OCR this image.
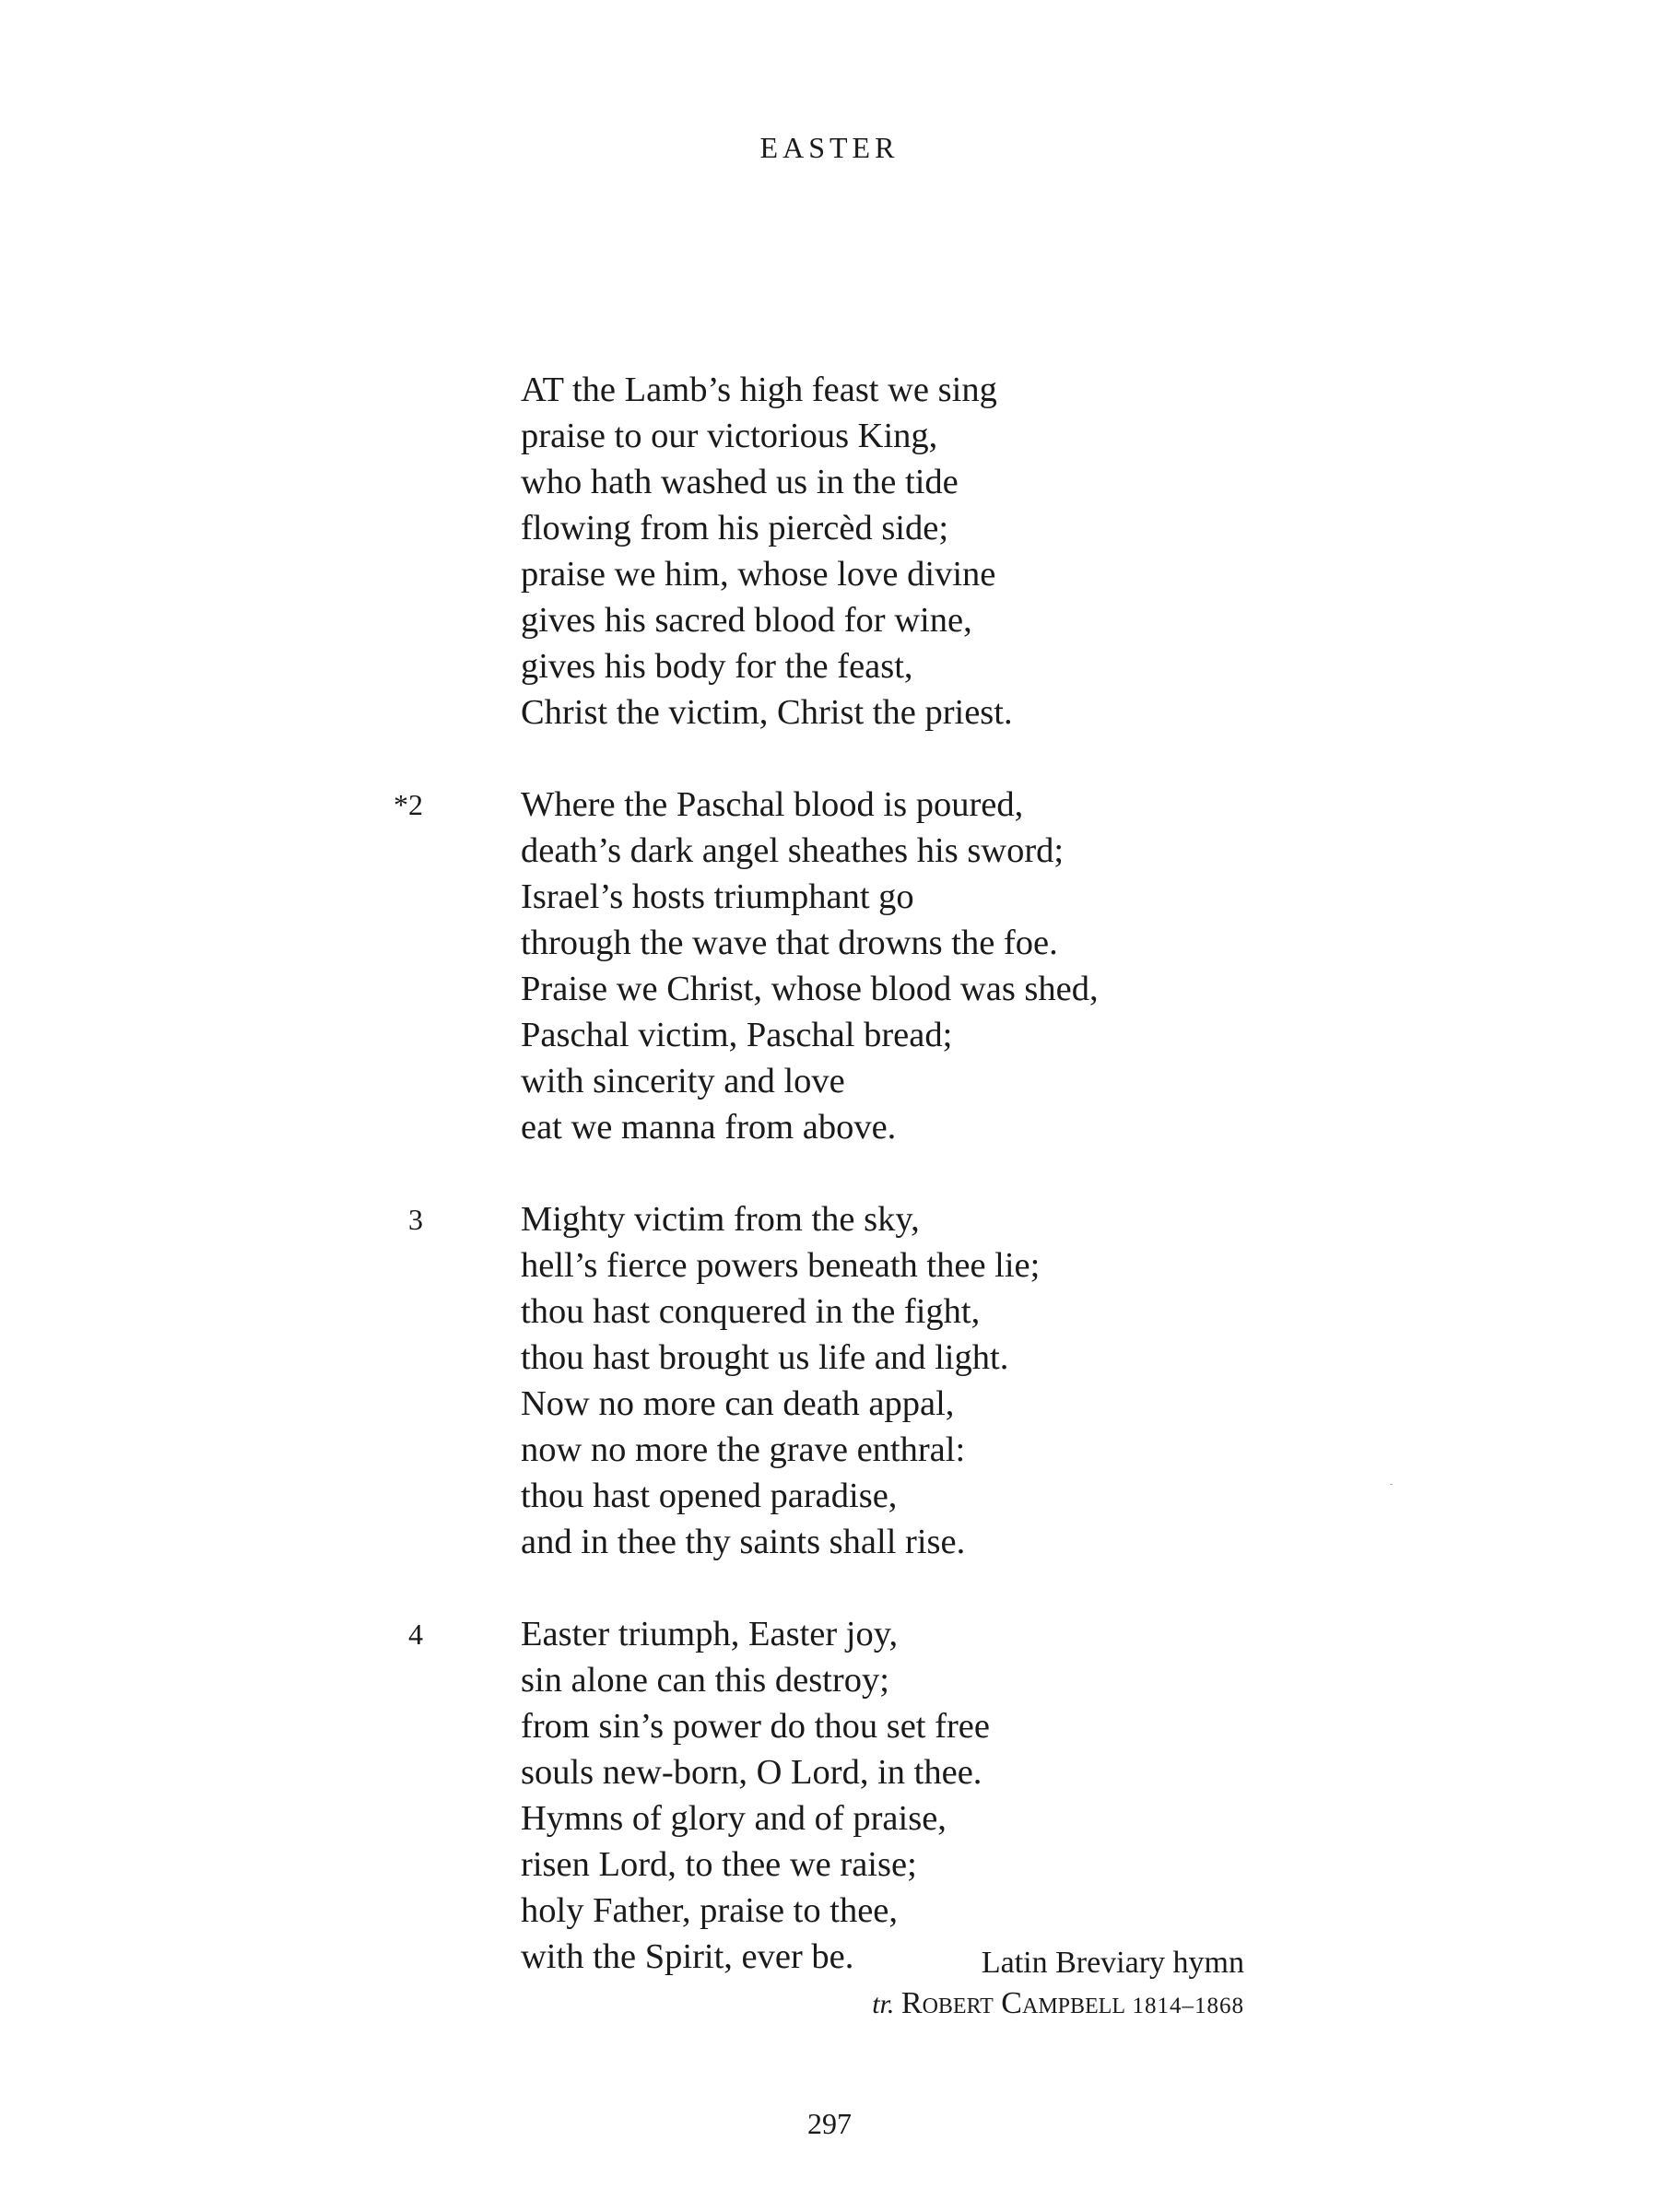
EASTER
AT the Lamb’s high feast we sing
praise to our victorious King,
who hath washed us in the tide
flowing from his piercèd side;
praise we him, whose love divine
gives his sacred blood for wine,
gives his body for the feast,
Christ the victim, Christ the priest.
*2	Where the Paschal blood is poured,
death’s dark angel sheathes his sword;
Israel’s hosts triumphant go
through the wave that drowns the foe.
Praise we Christ, whose blood was shed,
Paschal victim, Paschal bread;
with sincerity and love
eat we manna from above.
3	Mighty victim from the sky,
hell’s fierce powers beneath thee lie;
thou hast conquered in the fight,
thou hast brought us life and light.
Now no more can death appal,
now no more the grave enthral:
thou hast opened paradise,
and in thee thy saints shall rise.
4	Easter triumph, Easter joy,
sin alone can this destroy;
from sin’s power do thou set free
souls new-born, O Lord, in thee.
Hymns of glory and of praise,
risen Lord, to thee we raise;
holy Father, praise to thee,
with the Spirit, ever be.	Latin Breviary hymn
tr. Robert Campbell 1814–1868
297
